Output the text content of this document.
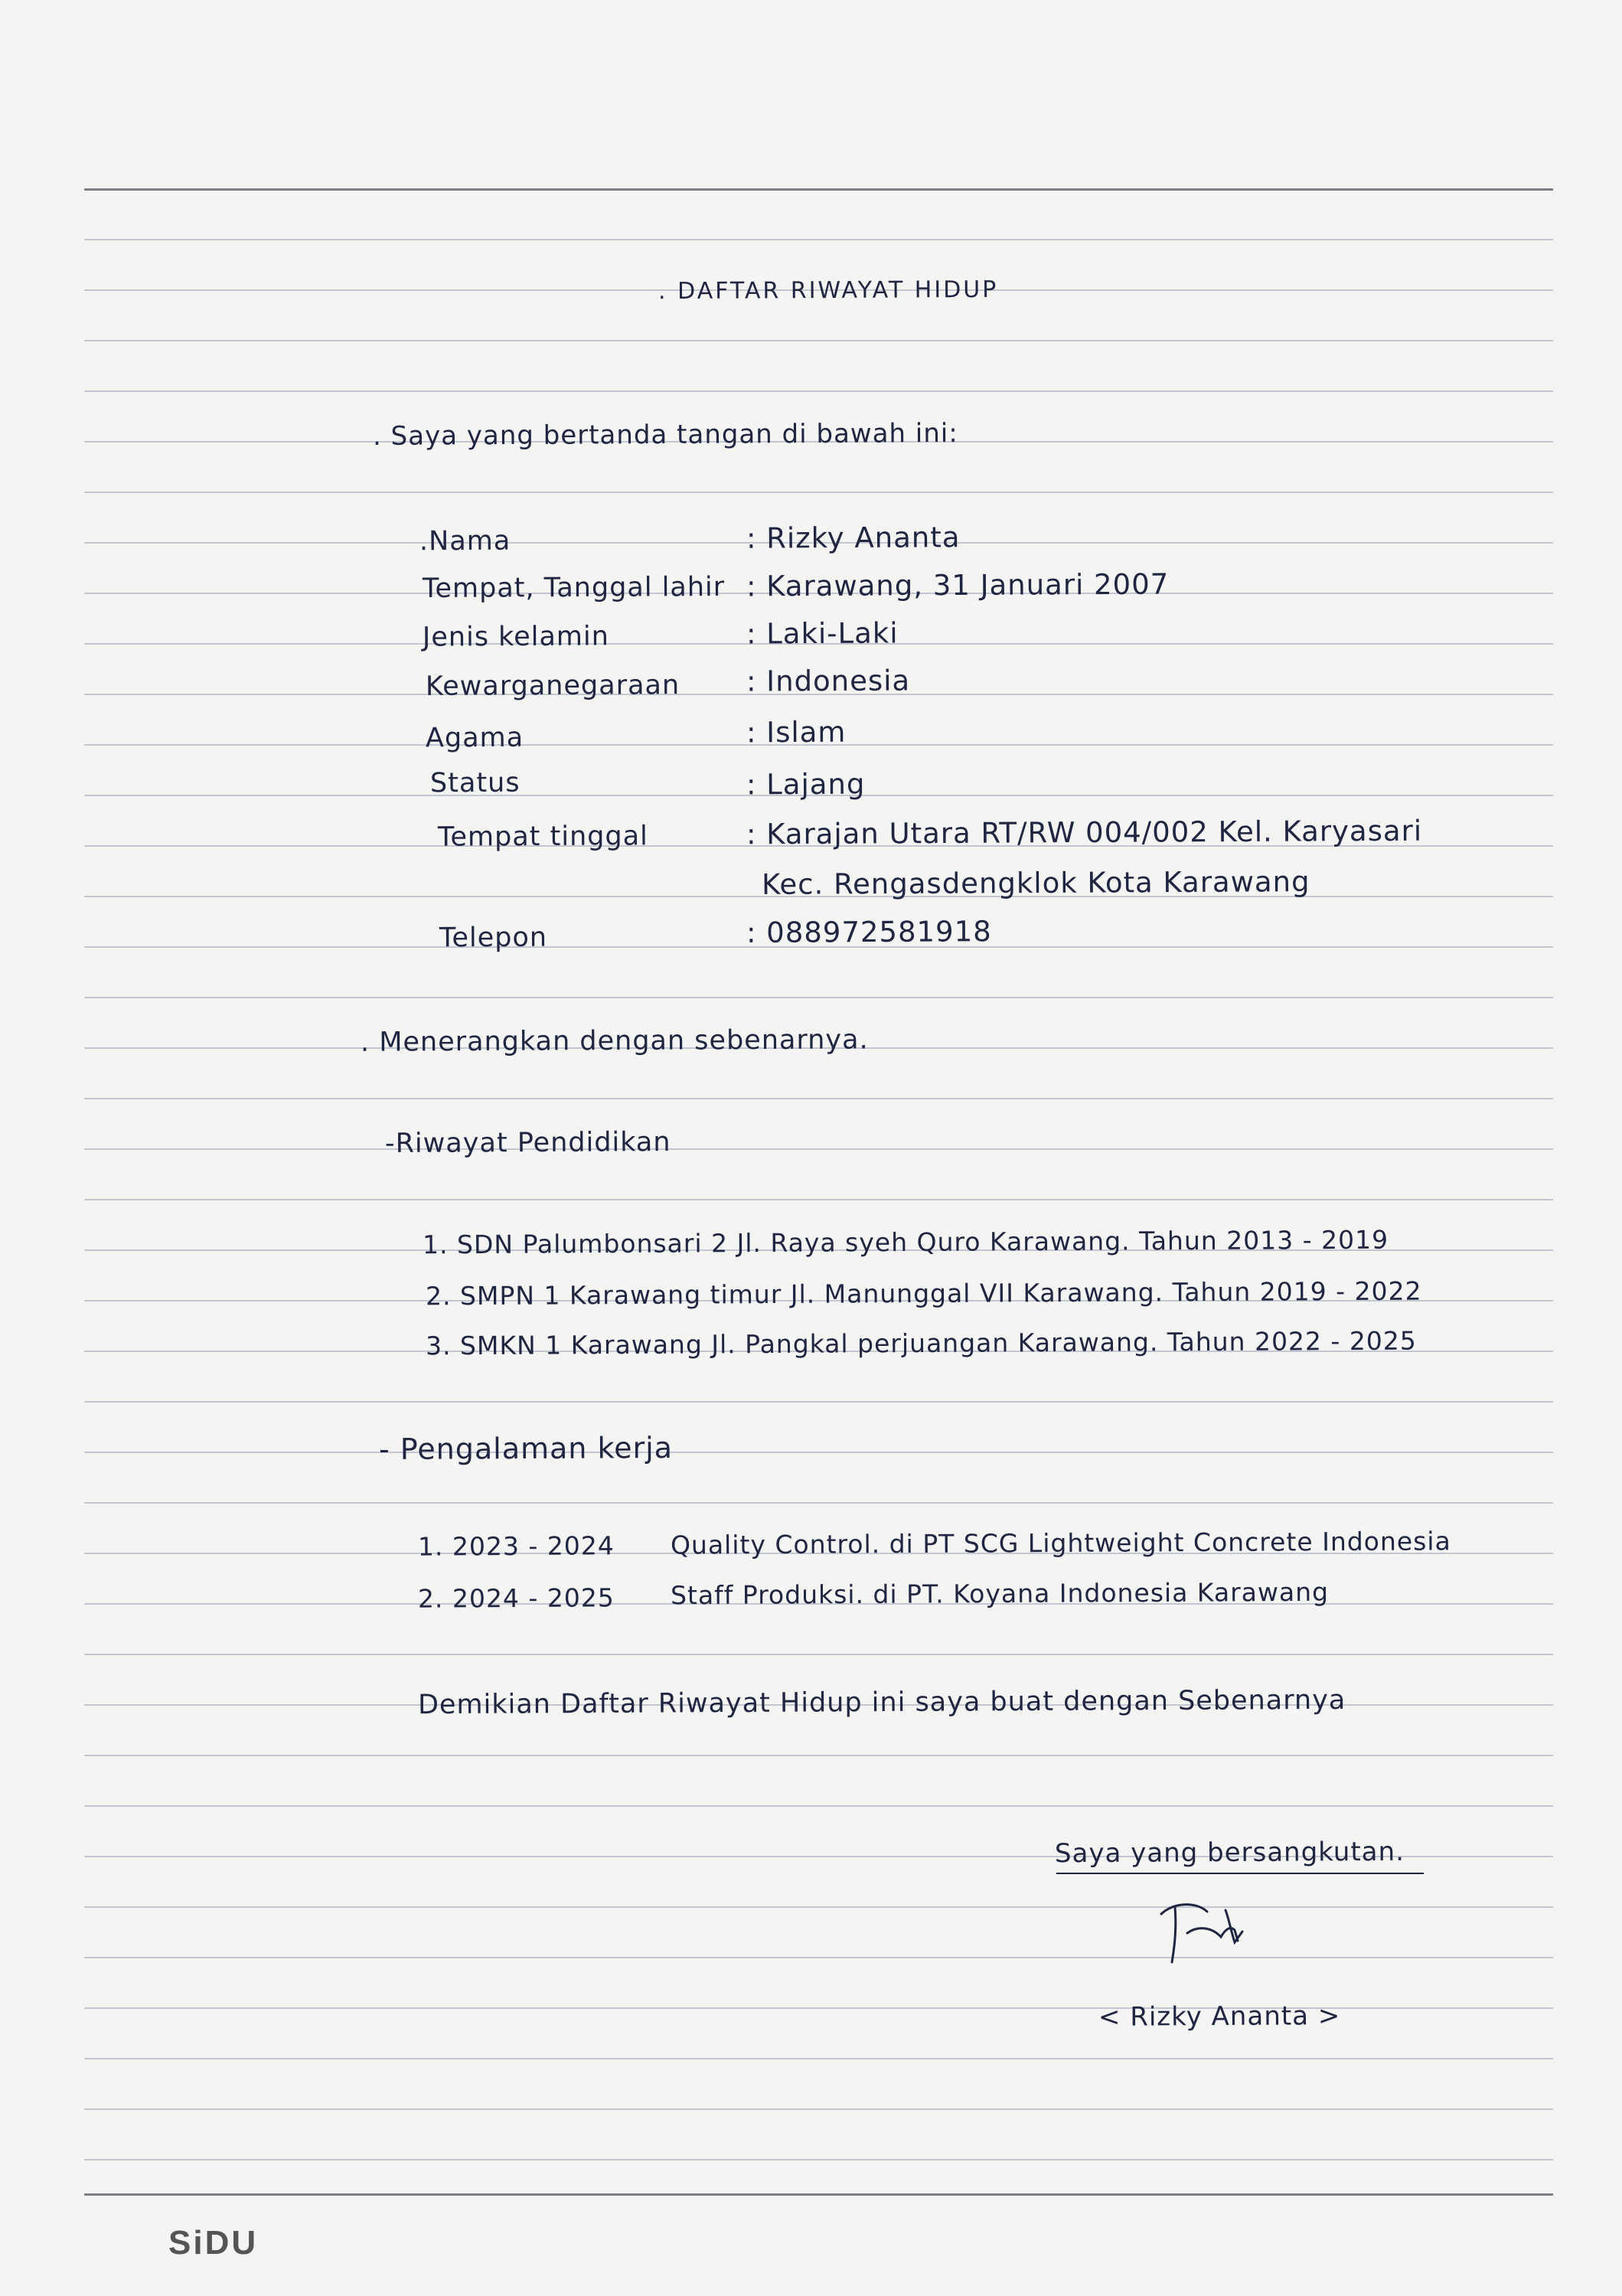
. DAFTAR RIWAYAT HIDUP
. Saya yang bertanda tangan di bawah ini:
.Nama	: Rizky Ananta
Tempat, Tanggal lahir : Karawang, 31 Januari 2007
Jenis kelamin	: Laki-Laki
Kewarganegaraan : Indonesia
Agama	: Islam
Status	: Lajang
Tempat tinggal	: Karajan Utara RT/RW 004/002 Kel. Karyasari
Kec. Rengasdengklok Kota Karawang
Telepon	: 088972581918
. Menerangkan dengan sebenarnya.
-Riwayat Pendidikan
1. SDN Palumbonsari 2 Jl. Raya syeh Quro Karawang. Tahun 2013 - 2019
2. SMPN 1 Karawang timur Jl. Manunggal VII Karawang. Tahun 2019 - 2022
3. SMKN 1 Karawang Jl. Pangkal perjuangan Karawang. Tahun 2022 - 2025
- Pengalaman kerja
1. 2023 - 2024 Quality Control. di PT SCG Lightweight Concrete Indonesia
2. 2024 - 2025 Staff Produksi. di PT. Koyana Indonesia Karawang
Demikian Daftar Riwayat Hidup ini saya buat dengan Sebenarnya
Saya yang bersangkutan.
< Rizky Ananta >
SiDU
